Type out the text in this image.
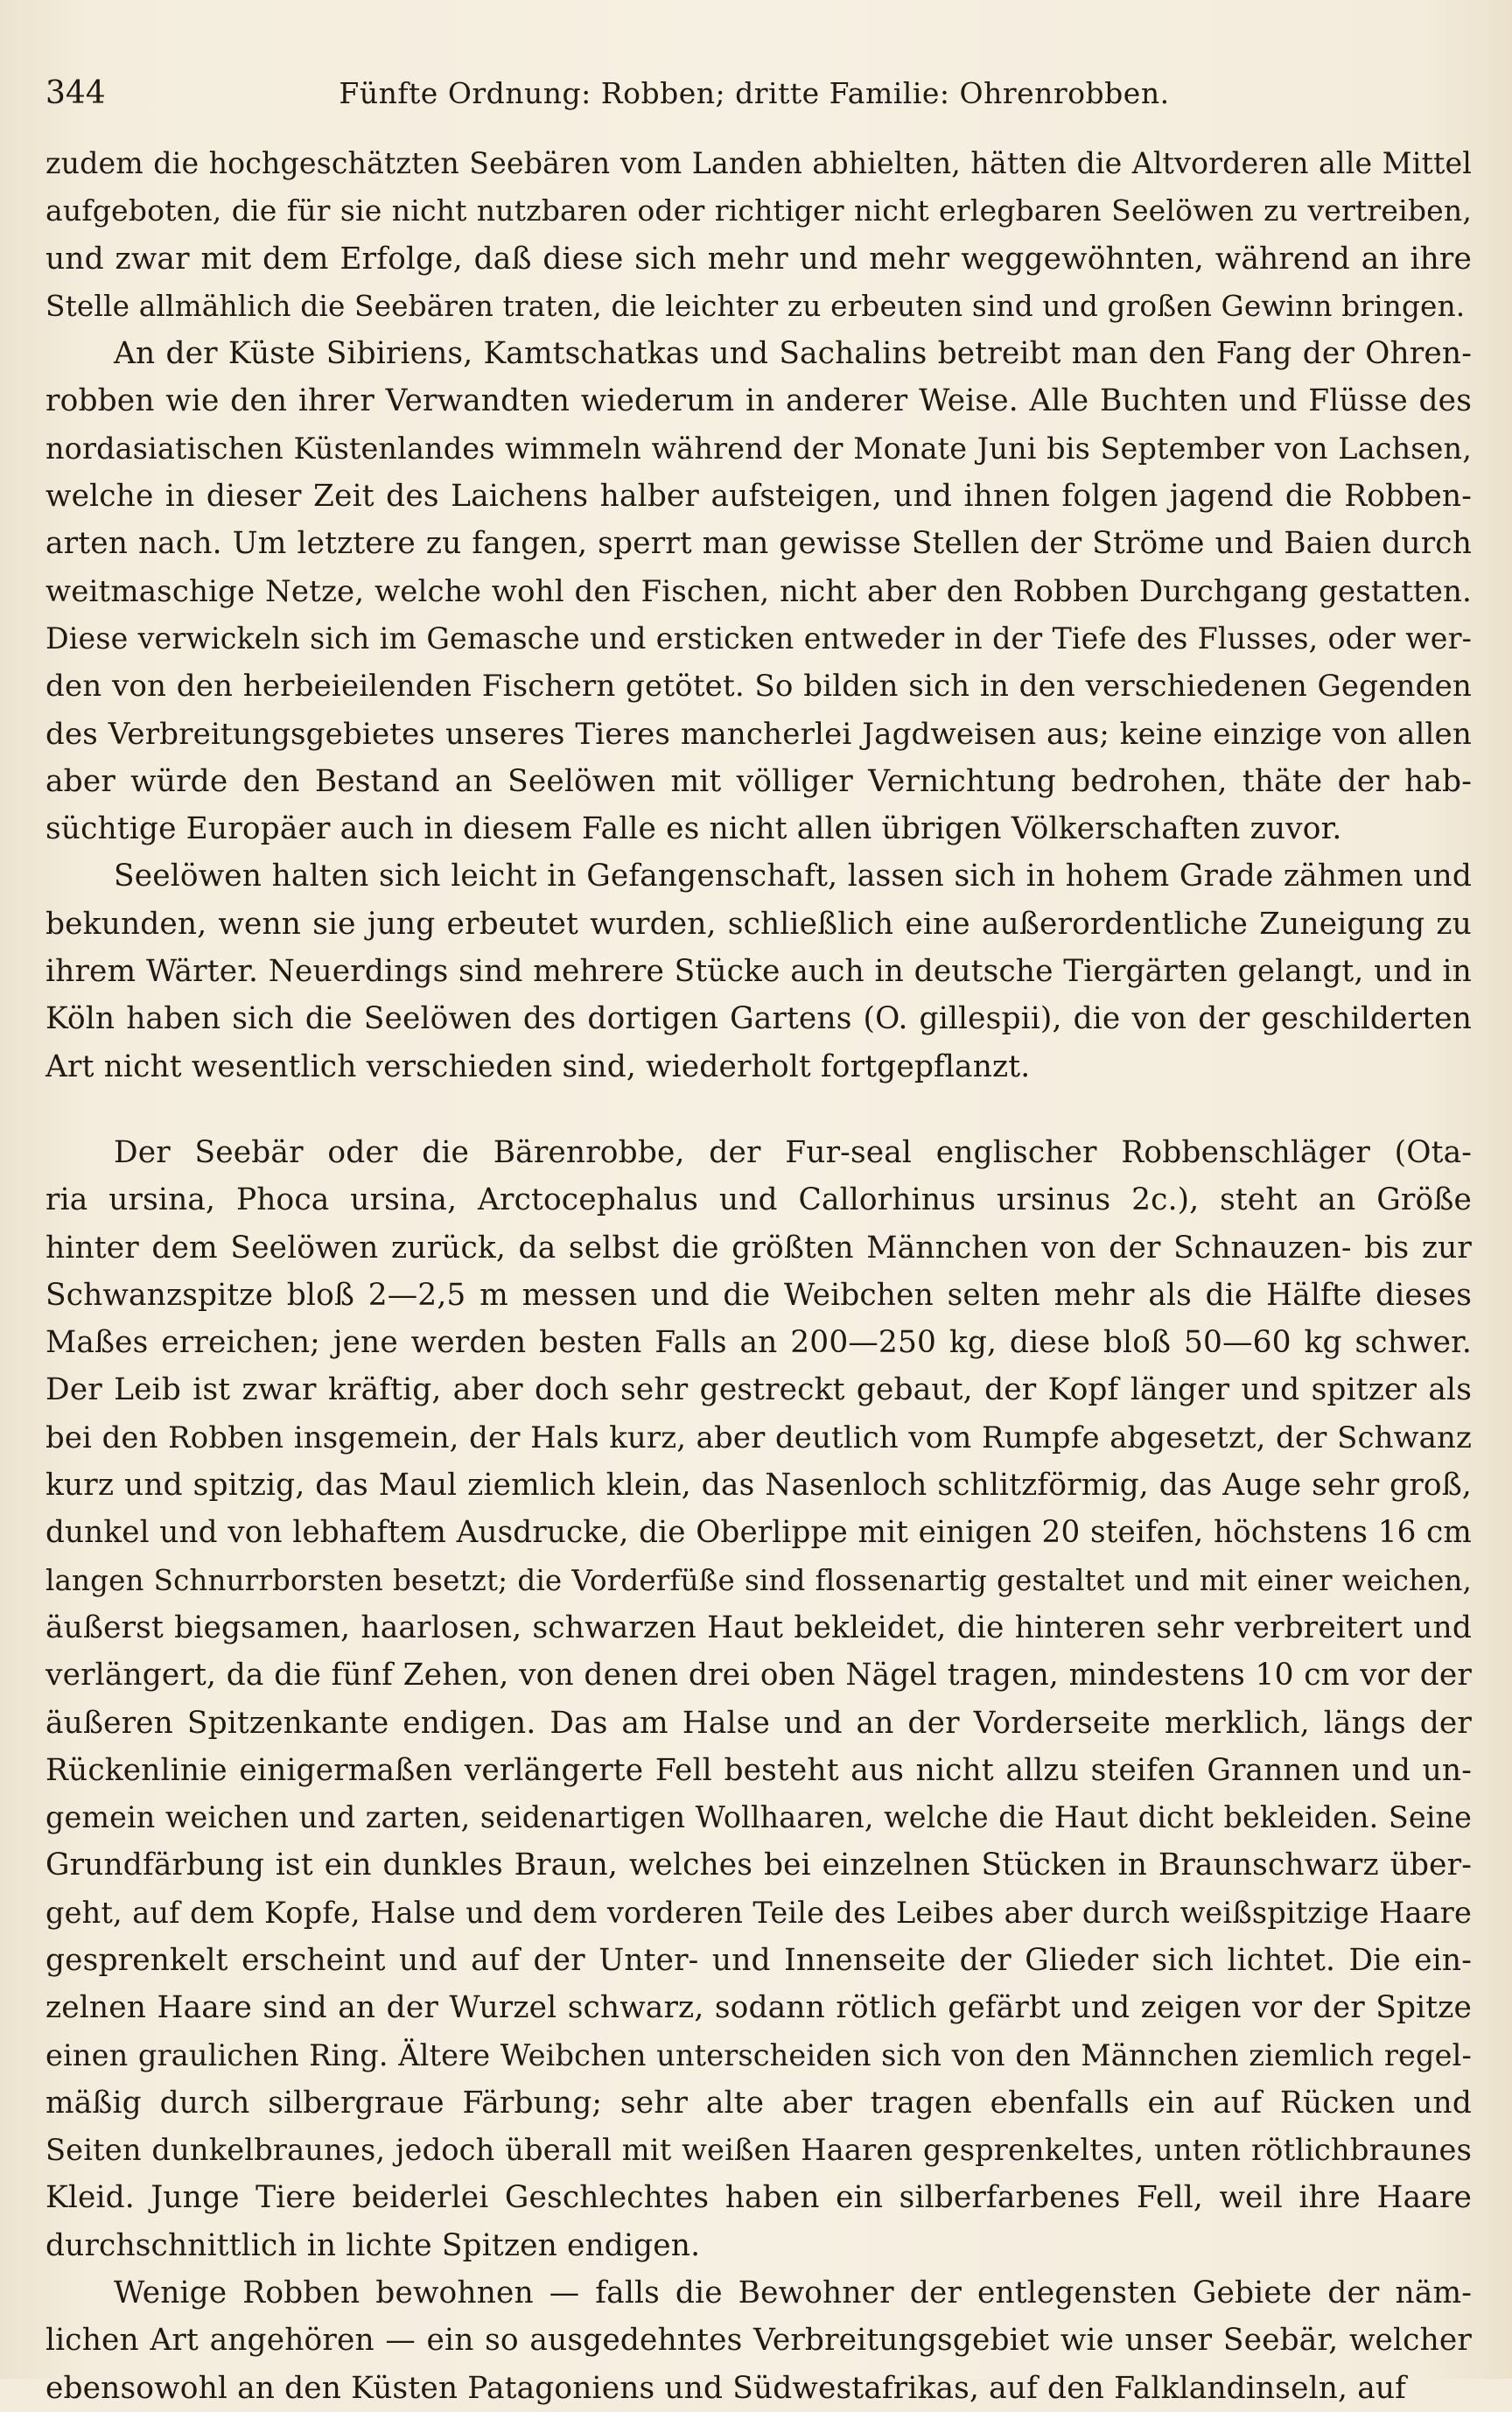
344	Fünfte Ordnung: Robben; dritte Familie: Ohrenrobben.
zudem die hochgeschätzten Seebären vom Landen abhielten, hätten die Altvorderen alle Mittel
aufgeboten, die für sie nicht nutzbaren oder richtiger nicht erlegbaren Seelöwen zu vertreiben,
und zwar mit dem Erfolge, daß diese sich mehr und mehr weggewöhnten, während an ihre
Stelle allmählich die Seebären traten, die leichter zu erbeuten sind und großen Gewinn bringen.
An der Küste Sibiriens, Kamtschatkas und Sachalins betreibt man den Fang der Ohren-
robben wie den ihrer Verwandten wiederum in anderer Weise. Alle Buchten und Flüsse des
nordasiatischen Küstenlandes wimmeln während der Monate Juni bis September von Lachsen,
welche in dieser Zeit des Laichens halber aufsteigen, und ihnen folgen jagend die Robben-
arten nach. Um letztere zu fangen, sperrt man gewisse Stellen der Ströme und Baien durch
weitmaschige Netze, welche wohl den Fischen, nicht aber den Robben Durchgang gestatten.
Diese verwickeln sich im Gemasche und ersticken entweder in der Tiefe des Flusses, oder wer-
den von den herbeieilenden Fischern getötet. So bilden sich in den verschiedenen Gegenden
des Verbreitungsgebietes unseres Tieres mancherlei Jagdweisen aus; keine einzige von allen
aber würde den Bestand an Seelöwen mit völliger Vernichtung bedrohen, thäte der hab-
süchtige Europäer auch in diesem Falle es nicht allen übrigen Völkerschaften zuvor.
Seelöwen halten sich leicht in Gefangenschaft, lassen sich in hohem Grade zähmen und
bekunden, wenn sie jung erbeutet wurden, schließlich eine außerordentliche Zuneigung zu
ihrem Wärter. Neuerdings sind mehrere Stücke auch in deutsche Tiergärten gelangt, und in
Köln haben sich die Seelöwen des dortigen Gartens (O. gillespii), die von der geschilderten
Art nicht wesentlich verschieden sind, wiederholt fortgepflanzt.
Der Seebär oder die Bärenrobbe, der Fur-seal englischer Robbenschläger (Ota-
ria ursina, Phoca ursina, Arctocephalus und Callorhinus ursinus 2c.), steht an Größe
hinter dem Seelöwen zurück, da selbst die größten Männchen von der Schnauzen- bis zur
Schwanzspitze bloß 2—2,5 m messen und die Weibchen selten mehr als die Hälfte dieses
Maßes erreichen; jene werden besten Falls an 200—250 kg, diese bloß 50—60 kg schwer.
Der Leib ist zwar kräftig, aber doch sehr gestreckt gebaut, der Kopf länger und spitzer als
bei den Robben insgemein, der Hals kurz, aber deutlich vom Rumpfe abgesetzt, der Schwanz
kurz und spitzig, das Maul ziemlich klein, das Nasenloch schlitzförmig, das Auge sehr groß,
dunkel und von lebhaftem Ausdrucke, die Oberlippe mit einigen 20 steifen, höchstens 16 cm
langen Schnurrborsten besetzt; die Vorderfüße sind flossenartig gestaltet und mit einer weichen,
äußerst biegsamen, haarlosen, schwarzen Haut bekleidet, die hinteren sehr verbreitert und
verlängert, da die fünf Zehen, von denen drei oben Nägel tragen, mindestens 10 cm vor der
äußeren Spitzenkante endigen. Das am Halse und an der Vorderseite merklich, längs der
Rückenlinie einigermaßen verlängerte Fell besteht aus nicht allzu steifen Grannen und un-
gemein weichen und zarten, seidenartigen Wollhaaren, welche die Haut dicht bekleiden. Seine
Grundfärbung ist ein dunkles Braun, welches bei einzelnen Stücken in Braunschwarz über-
geht, auf dem Kopfe, Halse und dem vorderen Teile des Leibes aber durch weißspitzige Haare
gesprenkelt erscheint und auf der Unter- und Innenseite der Glieder sich lichtet. Die ein-
zelnen Haare sind an der Wurzel schwarz, sodann rötlich gefärbt und zeigen vor der Spitze
einen graulichen Ring. Ältere Weibchen unterscheiden sich von den Männchen ziemlich regel-
mäßig durch silbergraue Färbung; sehr alte aber tragen ebenfalls ein auf Rücken und
Seiten dunkelbraunes, jedoch überall mit weißen Haaren gesprenkeltes, unten rötlichbraunes
Kleid. Junge Tiere beiderlei Geschlechtes haben ein silberfarbenes Fell, weil ihre Haare
durchschnittlich in lichte Spitzen endigen.
Wenige Robben bewohnen — falls die Bewohner der entlegensten Gebiete der näm-
lichen Art angehören — ein so ausgedehntes Verbreitungsgebiet wie unser Seebär, welcher
ebensowohl an den Küsten Patagoniens und Südwestafrikas, auf den Falklandinseln, auf
